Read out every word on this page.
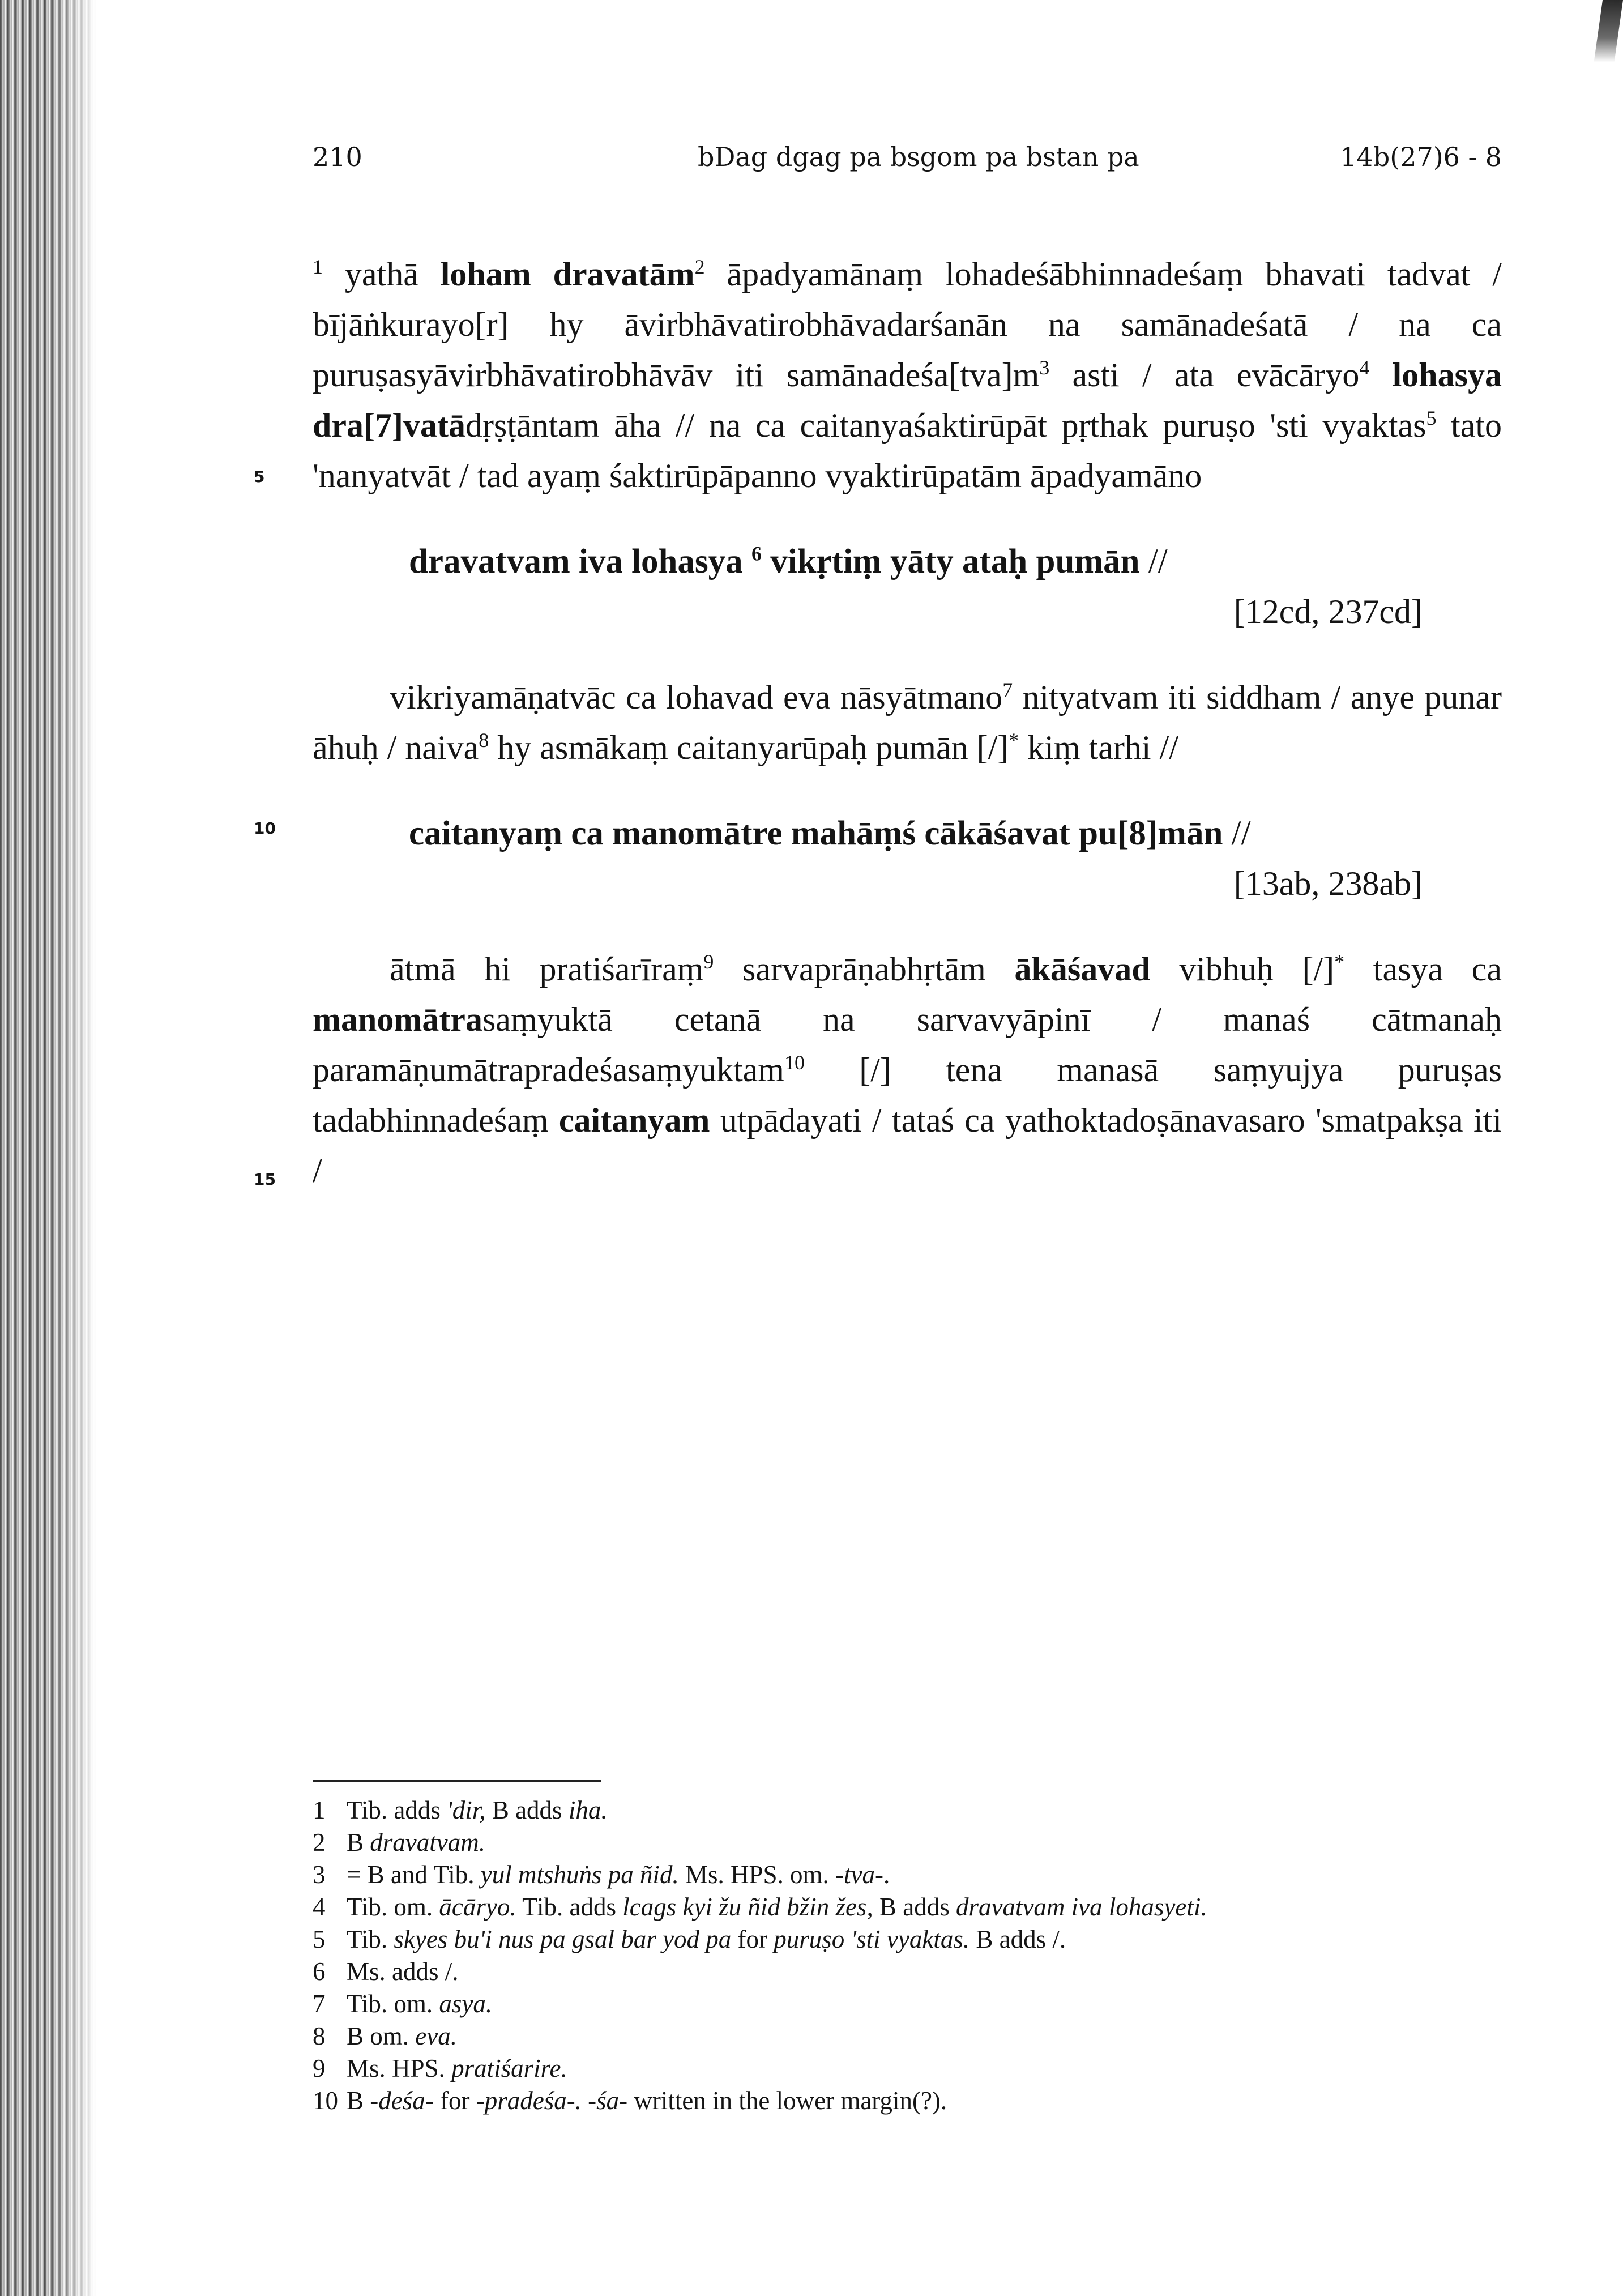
210	bDag dgag pa bsgom pa bstan pa	14b(27)6 - 8
5
10
15

$^1$ yathā loham dravatām$^2$ āpadyamānaṃ lohadeśābhinnadeśaṃ bhavati tadvat / bījāṅkurayo[r] hy āvirbhāvatirobhāvadarśanān na samānadeśatā / na ca puruṣasyāvirbhāvatirobhāvāv iti $samānadeśa[tva]m^3$ asti / ata evācāryo$^4$ lohasya dra[7]vatādṛṣṭāntam āha // na ca caitanyaśaktirūpāt pṛthak puruṣo 'sti vyaktas$^5$ tato 'nanyatvāt / tad ayaṃ śaktirūpāpanno vyaktirūpatām āpadyamāno

dravatvam iva lohasya $^6$ vikṛtiṃ yāty ataḥ pumān //
[12cd, 237cd]

vikriyamāṇatvāc ca lohavad eva nāsyātmano$^7$ nityatvam iti siddham / anye punar āhuḥ / naiva$^8$ hy asmākaṃ caitanyarūpaḥ pumān [/]* kiṃ tarhi //

caitanyaṃ ca manomātre mahāṃś cākāśavat pu[8]mān //
[13ab, 238ab]

ātmā hi pratiśarīraṃ$^9$ sarvaprāṇabhṛtām ākāśavad vibhuḥ [/]* tasya ca manomātrasaṃyuktā cetanā na sarvavyāpinī / manaś cātmanaḥ paramāṇumātrapradeśasaṃyuktam$^{10}$ [/] tena manasā saṃyujya puruṣas tadabhinnadeśaṃ caitanyam utpādayati / tataś ca yathoktadoṣānavasaro 'smatpakṣa iti /

1 Tib. adds 'dir, B adds iha.
2 B dravatvam.
3 = B and Tib. yul mtshuṅs pa ñid. Ms. HPS. om. -tva-.
4 Tib. om. ācāryo. Tib. adds lcags kyi žu ñid bžin žes, B adds dravatvam iva lohasyeti.
5 Tib. skyes bu'i nus pa gsal bar yod pa for puruṣo 'sti vyaktas. B adds /.
6 Ms. adds /.
7 Tib. om. asya.
8 B om. eva.
9 Ms. HPS. pratiśarire.
10 B -deśa- for -pradeśa-. -śa- written in the lower margin(?).
